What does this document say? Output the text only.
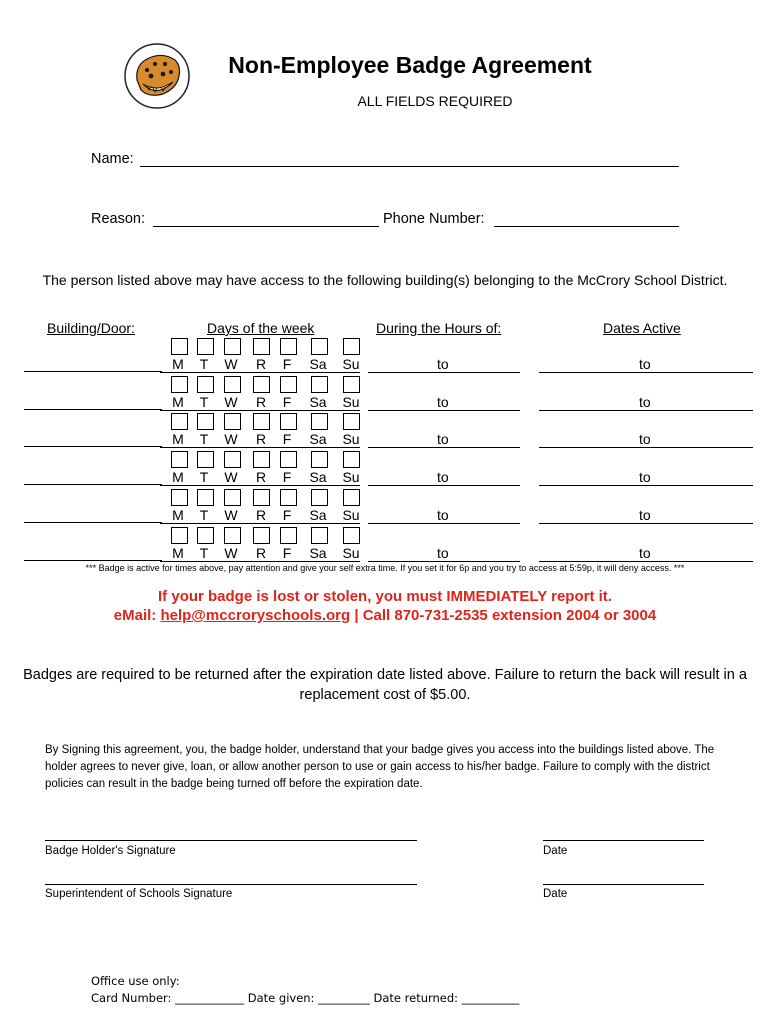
Non-Employee Badge Agreement
ALL FIELDS REQUIRED
Name:
Reason:	Phone Number:
The person listed above may have access to the following building(s) belonging to the McCrory School District.
Building/Door:	Days of the week	During the Hours of:	Dates Active
M	T	W	R	F	Sa	Su	to	to
M	T	W	R	F	Sa	Su	to	to
M	T	W	R	F	Sa	Su	to	to
M	T	W	R	F	Sa	Su	to	to
M	T	W	R	F	Sa	Su	to	to
M	T	W	R	F	Sa	Su	to	to
*** Badge is active for times above, pay attention and give your self extra time. If you set it for 6p and you try to access at 5:59p, it will deny access. ***
If your badge is lost or stolen, you must IMMEDIATELY report it.
eMail: help@mccroryschools.org | Call 870-731-2535 extension 2004 or 3004
Badges are required to be returned after the expiration date listed above. Failure to return the back will result in a replacement cost of $5.00.
By Signing this agreement, you, the badge holder, understand that your badge gives you access into the buildings listed above. The holder agrees to never give, loan, or allow another person to use or gain access to his/her badge. Failure to comply with the district policies can result in the badge being turned off before the expiration date.
Badge Holder's Signature	Date
Superintendent of Schools Signature	Date
Office use only:
Card Number: ____________ Date given: _________ Date returned: __________
